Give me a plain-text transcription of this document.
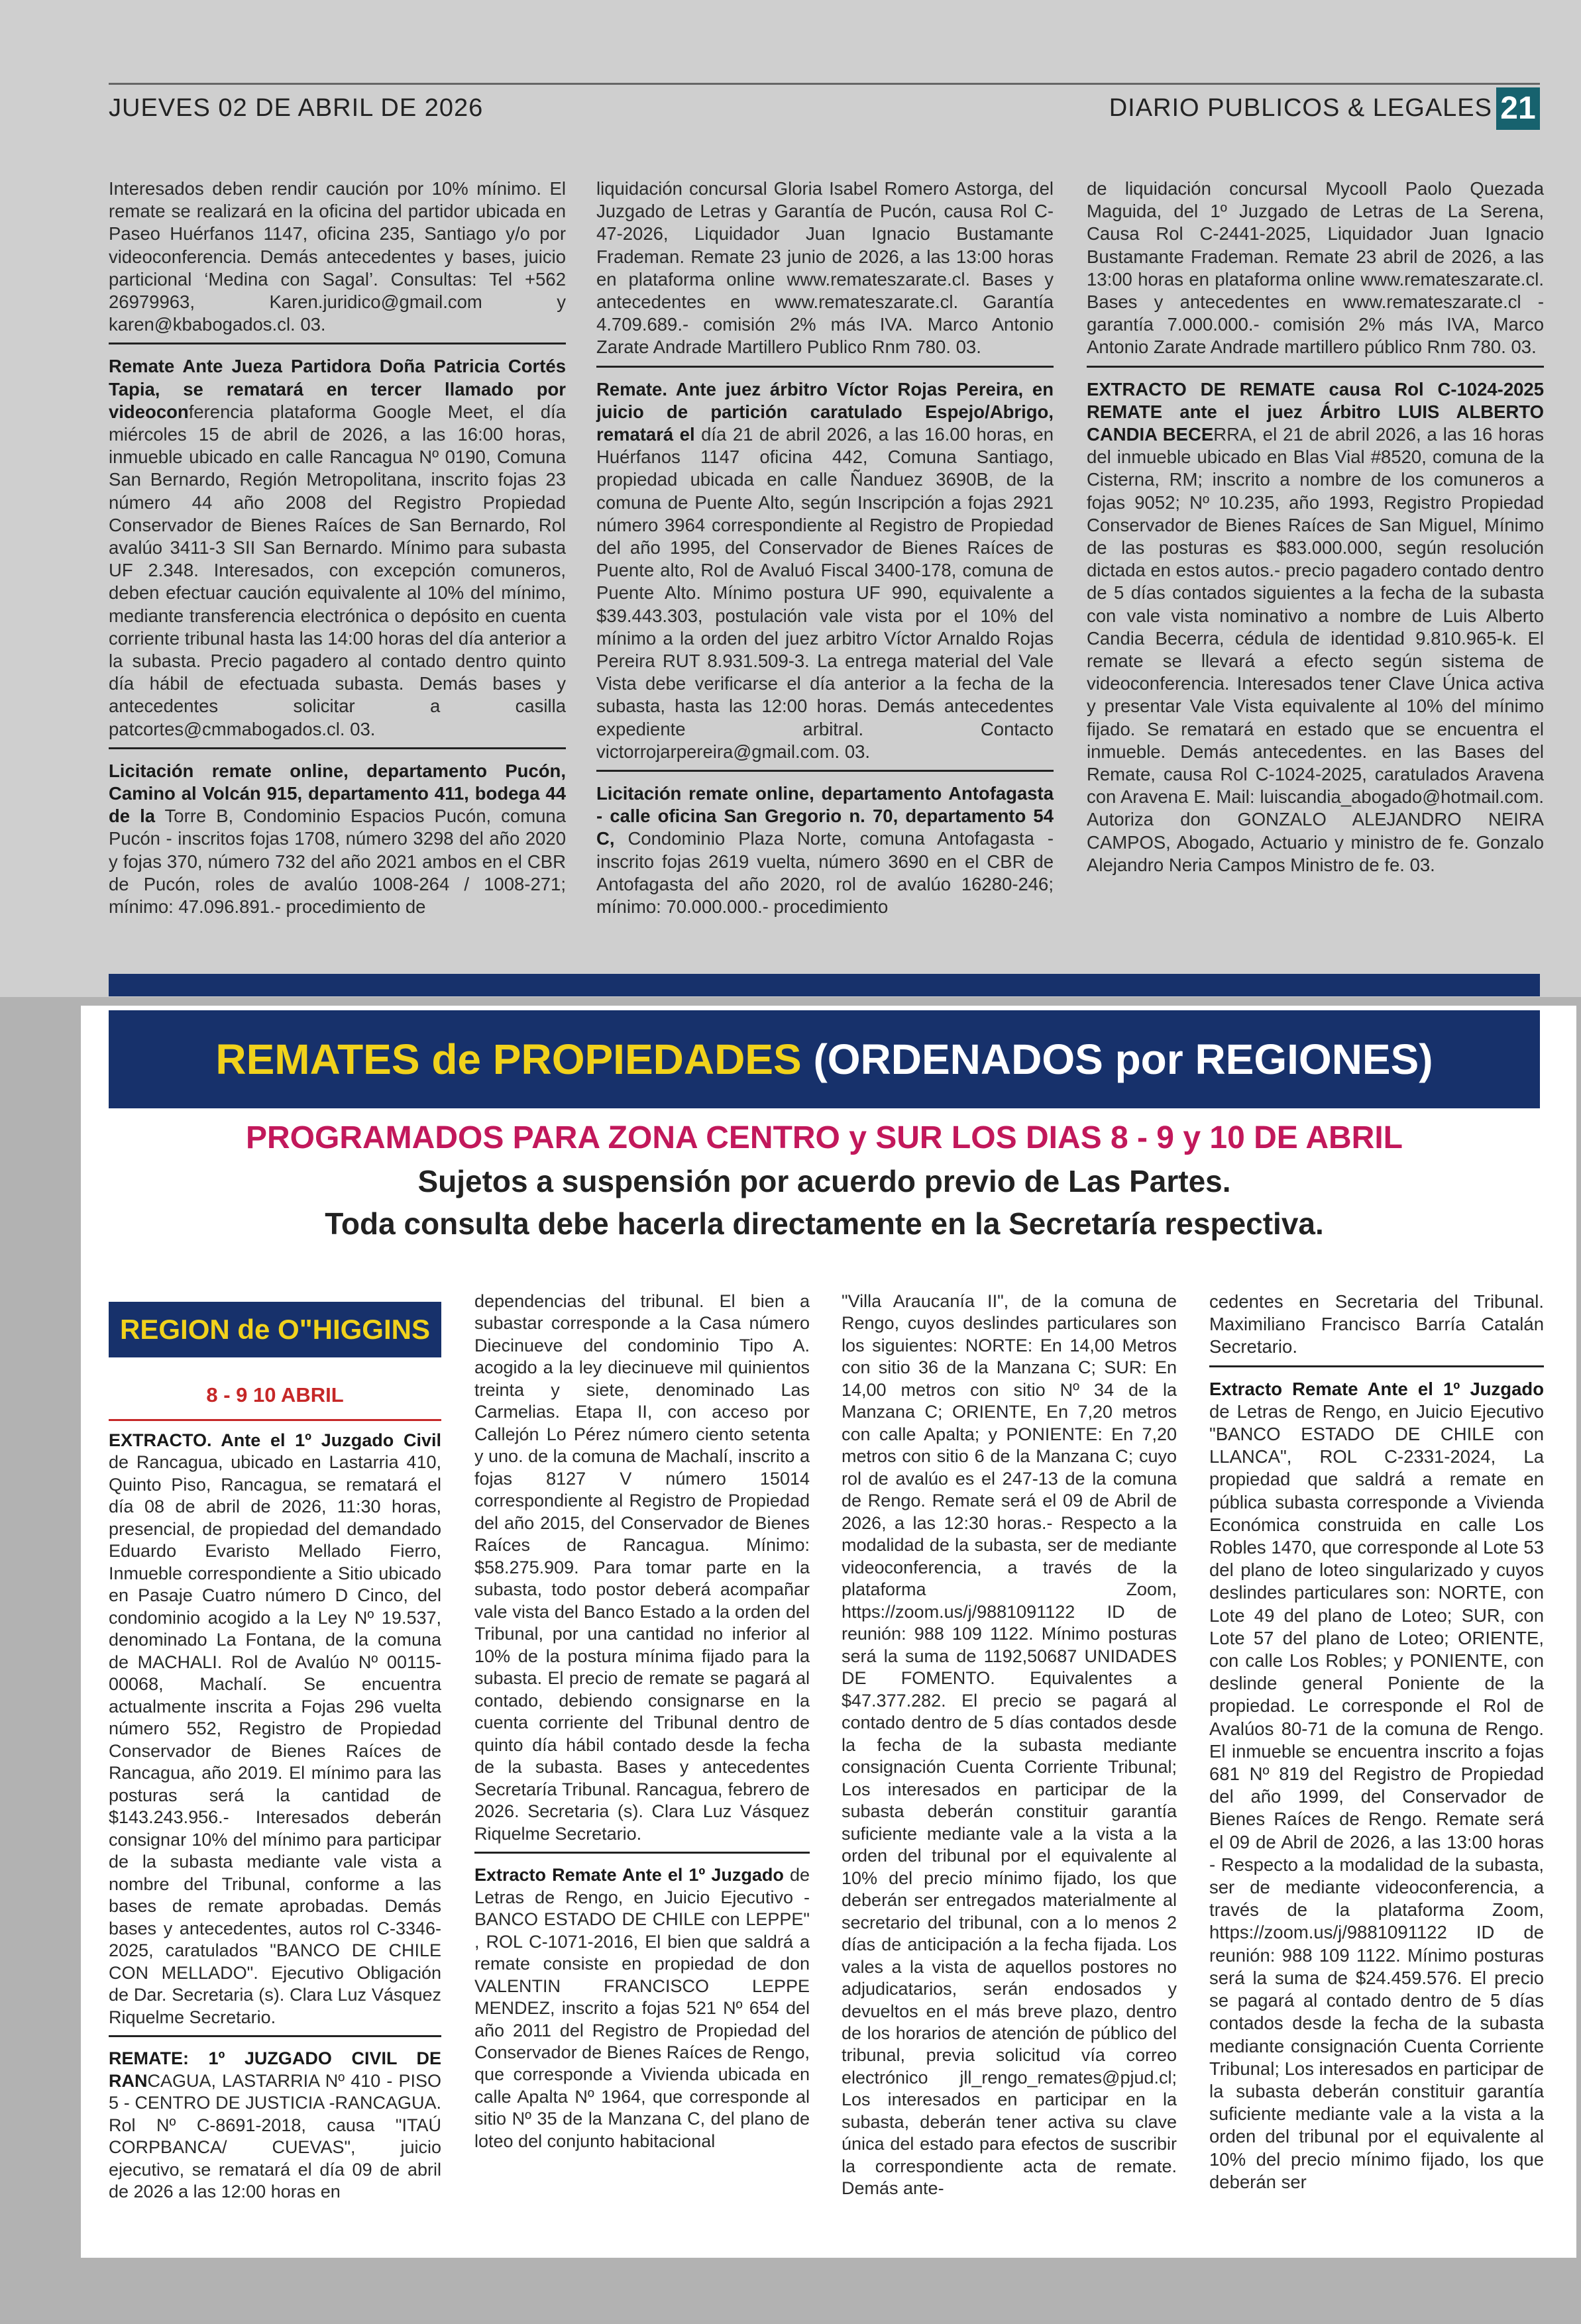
JUEVES 02 DE ABRIL DE 2026	DIARIO PUBLICOS & LEGALES 21

Interesados deben rendir caución por 10% mínimo. El remate se realizará en la oficina del partidor ubicada en Paseo Huérfanos 1147, oficina 235, Santiago y/o por videoconferencia. Demás antecedentes y bases, juicio particional ‘Medina con Sagal’. Consultas: Tel +562 26979963, Karen.juridico@gmail.com y karen@kbabogados.cl. 03.

Remate Ante Jueza Partidora Doña Patricia Cortés Tapia, se rematará en tercer llamado por videoconferencia plataforma Google Meet, el día miércoles 15 de abril de 2026, a las 16:00 horas, inmueble ubicado en calle Rancagua Nº 0190, Comuna San Bernardo, Región Metropolitana, inscrito fojas 23 número 44 año 2008 del Registro Propiedad Conservador de Bienes Raíces de San Bernardo, Rol avalúo 3411-3 SII San Bernardo. Mínimo para subasta UF 2.348. Interesados, con excepción comuneros, deben efectuar caución equivalente al 10% del mínimo, mediante transferencia electrónica o depósito en cuenta corriente tribunal hasta las 14:00 horas del día anterior a la subasta. Precio pagadero al contado dentro quinto día hábil de efectuada subasta. Demás bases y antecedentes solicitar a casilla patcortes@cmmabogados.cl. 03.

Licitación remate online, departamento Pucón, Camino al Volcán 915, departamento 411, bodega 44 de la Torre B, Condominio Espacios Pucón, comuna Pucón - inscritos fojas 1708, número 3298 del año 2020 y fojas 370, número 732 del año 2021 ambos en el CBR de Pucón, roles de avalúo 1008-264 / 1008-271; mínimo: 47.096.891.- procedimiento de

liquidación concursal Gloria Isabel Romero Astorga, del Juzgado de Letras y Garantía de Pucón, causa Rol C-47-2026, Liquidador Juan Ignacio Bustamante Frademan. Remate 23 junio de 2026, a las 13:00 horas en plataforma online www.remateszarate.cl. Bases y antecedentes en www.remateszarate.cl. Garantía 4.709.689.- comisión 2% más IVA. Marco Antonio Zarate Andrade Martillero Publico Rnm 780. 03.

Remate. Ante juez árbitro Víctor Rojas Pereira, en juicio de partición caratulado Espejo/Abrigo, rematará el día 21 de abril 2026, a las 16.00 horas, en Huérfanos 1147 oficina 442, Comuna Santiago, propiedad ubicada en calle Ñanduez 3690B, de la comuna de Puente Alto, según Inscripción a fojas 2921 número 3964 correspondiente al Registro de Propiedad del año 1995, del Conservador de Bienes Raíces de Puente alto, Rol de Avaluó Fiscal 3400-178, comuna de Puente Alto. Mínimo postura UF 990, equivalente a $39.443.303, postulación vale vista por el 10% del mínimo a la orden del juez arbitro Víctor Arnaldo Rojas Pereira RUT 8.931.509-3. La entrega material del Vale Vista debe verificarse el día anterior a la fecha de la subasta, hasta las 12:00 horas. Demás antecedentes expediente arbitral. Contacto victorrojarpereira@gmail.com. 03.

Licitación remate online, departamento Antofagasta - calle oficina San Gregorio n. 70, departamento 54 C, Condominio Plaza Norte, comuna Antofagasta - inscrito fojas 2619 vuelta, número 3690 en el CBR de Antofagasta del año 2020, rol de avalúo 16280-246; mínimo: 70.000.000.- procedimiento

de liquidación concursal Mycooll Paolo Quezada Maguida, del 1º Juzgado de Letras de La Serena, Causa Rol C-2441-2025, Liquidador Juan Ignacio Bustamante Frademan. Remate 23 abril de 2026, a las 13:00 horas en plataforma online www.remateszarate.cl. Bases y antecedentes en www.remateszarate.cl - garantía 7.000.000.- comisión 2% más IVA, Marco Antonio Zarate Andrade martillero público Rnm 780. 03.

EXTRACTO DE REMATE causa Rol C-1024-2025 REMATE ante el juez Árbitro LUIS ALBERTO CANDIA BECERRA, el 21 de abril 2026, a las 16 horas del inmueble ubicado en Blas Vial #8520, comuna de la Cisterna, RM; inscrito a nombre de los comuneros a fojas 9052; Nº 10.235, año 1993, Registro Propiedad Conservador de Bienes Raíces de San Miguel, Mínimo de las posturas es $83.000.000, según resolución dictada en estos autos.- precio pagadero contado dentro de 5 días contados siguientes a la fecha de la subasta con vale vista nominativo a nombre de Luis Alberto Candia Becerra, cédula de identidad 9.810.965-k. El remate se llevará a efecto según sistema de videoconferencia. Interesados tener Clave Única activa y presentar Vale Vista equivalente al 10% del mínimo fijado. Se rematará en estado que se encuentra el inmueble. Demás antecedentes. en las Bases del Remate, causa Rol C-1024-2025, caratulados Aravena con Aravena E. Mail: luiscandia_abogado@hotmail.com. Autoriza don GONZALO ALEJANDRO NEIRA CAMPOS, Abogado, Actuario y ministro de fe. Gonzalo Alejandro Neria Campos Ministro de fe. 03.

REMATES de PROPIEDADES (ORDENADOS por REGIONES)
PROGRAMADOS PARA ZONA CENTRO y SUR LOS DIAS 8 - 9 y 10 DE ABRIL
Sujetos a suspensión por acuerdo previo de Las Partes.
Toda consulta debe hacerla directamente en la Secretaría respectiva.
REGION de O"HIGGINS
8 - 9 10 ABRIL

EXTRACTO. Ante el 1º Juzgado Civil de Rancagua, ubicado en Lastarria 410, Quinto Piso, Rancagua, se rematará el día 08 de abril de 2026, 11:30 horas, presencial, de propiedad del demandado Eduardo Evaristo Mellado Fierro, Inmueble correspondiente a Sitio ubicado en Pasaje Cuatro número D Cinco, del condominio acogido a la Ley Nº 19.537, denominado La Fontana, de la comuna de MACHALI. Rol de Avalúo Nº 00115-00068, Machalí. Se encuentra actualmente inscrita a Fojas 296 vuelta número 552, Registro de Propiedad Conservador de Bienes Raíces de Rancagua, año 2019. El mínimo para las posturas será la cantidad de $143.243.956.- Interesados deberán consignar 10% del mínimo para participar de la subasta mediante vale vista a nombre del Tribunal, conforme a las bases de remate aprobadas. Demás bases y antecedentes, autos rol C-3346-2025, caratulados "BANCO DE CHILE CON MELLADO". Ejecutivo Obligación de Dar. Secretaria (s). Clara Luz Vásquez Riquelme Secretario.

REMATE: 1º JUZGADO CIVIL DE RANCAGUA, LASTARRIA Nº 410 - PISO 5 - CENTRO DE JUSTICIA -RANCAGUA. Rol Nº C-8691-2018, causa "ITAÚ CORPBANCA/ CUEVAS", juicio ejecutivo, se rematará el día 09 de abril de 2026 a las 12:00 horas en

dependencias del tribunal. El bien a subastar corresponde a la Casa número Diecinueve del condominio Tipo A. acogido a la ley diecinueve mil quinientos treinta y siete, denominado Las Carmelias. Etapa II, con acceso por Callejón Lo Pérez número ciento setenta y uno. de la comuna de Machalí, inscrito a fojas 8127 V número 15014 correspondiente al Registro de Propiedad del año 2015, del Conservador de Bienes Raíces de Rancagua. Mínimo: $58.275.909. Para tomar parte en la subasta, todo postor deberá acompañar vale vista del Banco Estado a la orden del Tribunal, por una cantidad no inferior al 10% de la postura mínima fijado para la subasta. El precio de remate se pagará al contado, debiendo consignarse en la cuenta corriente del Tribunal dentro de quinto día hábil contado desde la fecha de la subasta. Bases y antecedentes Secretaría Tribunal. Rancagua, febrero de 2026. Secretaria (s). Clara Luz Vásquez Riquelme Secretario.

Extracto Remate Ante el 1º Juzgado de Letras de Rengo, en Juicio Ejecutivo -BANCO ESTADO DE CHILE con LEPPE" , ROL C-1071-2016, El bien que saldrá a remate consiste en propiedad de don VALENTIN FRANCISCO LEPPE MENDEZ, inscrito a fojas 521 Nº 654 del año 2011 del Registro de Propiedad del Conservador de Bienes Raíces de Rengo, que corresponde a Vivienda ubicada en calle Apalta Nº 1964, que corresponde al sitio Nº 35 de la Manzana C, del plano de loteo del conjunto habitacional

"Villa Araucanía II", de la comuna de Rengo, cuyos deslindes particulares son los siguientes: NORTE: En 14,00 Metros con sitio 36 de la Manzana C; SUR: En 14,00 metros con sitio Nº 34 de la Manzana C; ORIENTE, En 7,20 metros con calle Apalta; y PONIENTE: En 7,20 metros con sitio 6 de la Manzana C; cuyo rol de avalúo es el 247-13 de la comuna de Rengo. Remate será el 09 de Abril de 2026, a las 12:30 horas.- Respecto a la modalidad de la subasta, ser de mediante videoconferencia, a través de la plataforma Zoom, https://zoom.us/j/9881091122 ID de reunión: 988 109 1122. Mínimo posturas será la suma de 1192,50687 UNIDADES DE FOMENTO. Equivalentes a $47.377.282. El precio se pagará al contado dentro de 5 días contados desde la fecha de la subasta mediante consignación Cuenta Corriente Tribunal; Los interesados en participar de la subasta deberán constituir garantía suficiente mediante vale a la vista a la orden del tribunal por el equivalente al 10% del precio mínimo fijado, los que deberán ser entregados materialmente al secretario del tribunal, con a lo menos 2 días de anticipación a la fecha fijada. Los vales a la vista de aquellos postores no adjudicatarios, serán endosados y devueltos en el más breve plazo, dentro de los horarios de atención de público del tribunal, previa solicitud vía correo electrónico jll_rengo_remates@pjud.cl; Los interesados en participar en la subasta, deberán tener activa su clave única del estado para efectos de suscribir la correspondiente acta de remate. Demás ante-

cedentes en Secretaria del Tribunal. Maximiliano Francisco Barría Catalán Secretario.

Extracto Remate Ante el 1º Juzgado de Letras de Rengo, en Juicio Ejecutivo "BANCO ESTADO DE CHILE con LLANCA", ROL C-2331-2024, La propiedad que saldrá a remate en pública subasta corresponde a Vivienda Económica construida en calle Los Robles 1470, que corresponde al Lote 53 del plano de loteo singularizado y cuyos deslindes particulares son: NORTE, con Lote 49 del plano de Loteo; SUR, con Lote 57 del plano de Loteo; ORIENTE, con calle Los Robles; y PONIENTE, con deslinde general Poniente de la propiedad. Le corresponde el Rol de Avalúos 80-71 de la comuna de Rengo. El inmueble se encuentra inscrito a fojas 681 Nº 819 del Registro de Propiedad del año 1999, del Conservador de Bienes Raíces de Rengo. Remate será el 09 de Abril de 2026, a las 13:00 horas - Respecto a la modalidad de la subasta, ser de mediante videoconferencia, a través de la plataforma Zoom, https://zoom.us/j/9881091122 ID de reunión: 988 109 1122. Mínimo posturas será la suma de $24.459.576. El precio se pagará al contado dentro de 5 días contados desde la fecha de la subasta mediante consignación Cuenta Corriente Tribunal; Los interesados en participar de la subasta deberán constituir garantía suficiente mediante vale a la vista a la orden del tribunal por el equivalente al 10% del precio mínimo fijado, los que deberán ser
